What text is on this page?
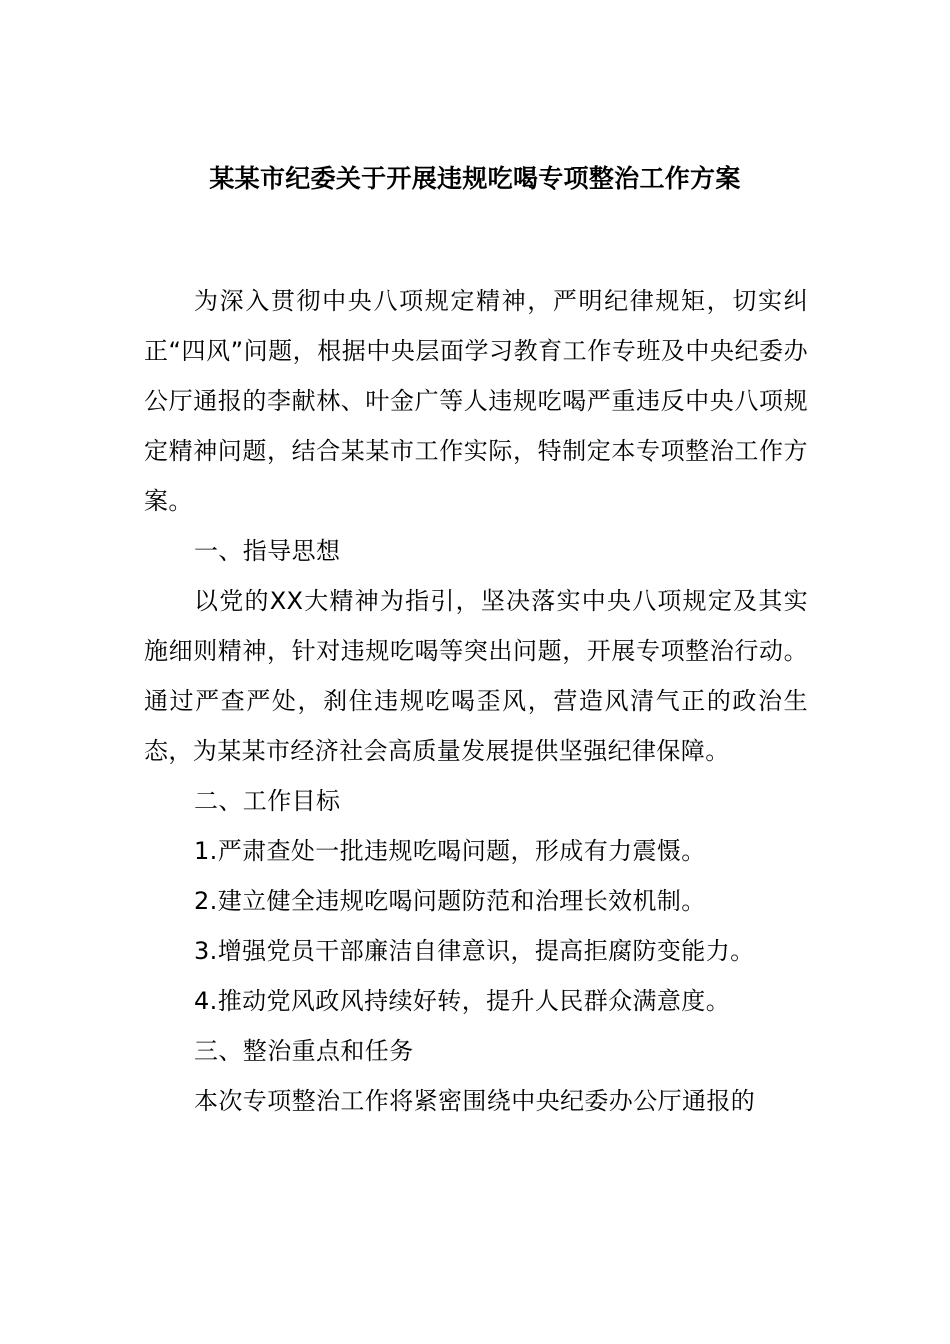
某某市纪委关于开展违规吃喝专项整治工作方案

为深入贯彻中央八项规定精神，严明纪律规矩，切实纠正“四风”问题，根据中央层面学习教育工作专班及中央纪委办公厅通报的李献林、叶金广等人违规吃喝严重违反中央八项规定精神问题，结合某某市工作实际，特制定本专项整治工作方案。

一、指导思想

以党的XX大精神为指引，坚决落实中央八项规定及其实施细则精神，针对违规吃喝等突出问题，开展专项整治行动。通过严查严处，刹住违规吃喝歪风，营造风清气正的政治生态，为某某市经济社会高质量发展提供坚强纪律保障。

二、工作目标

1.严肃查处一批违规吃喝问题，形成有力震慑。

2.建立健全违规吃喝问题防范和治理长效机制。

3.增强党员干部廉洁自律意识，提高拒腐防变能力。

4.推动党风政风持续好转，提升人民群众满意度。

三、整治重点和任务

本次专项整治工作将紧密围绕中央纪委办公厅通报的
